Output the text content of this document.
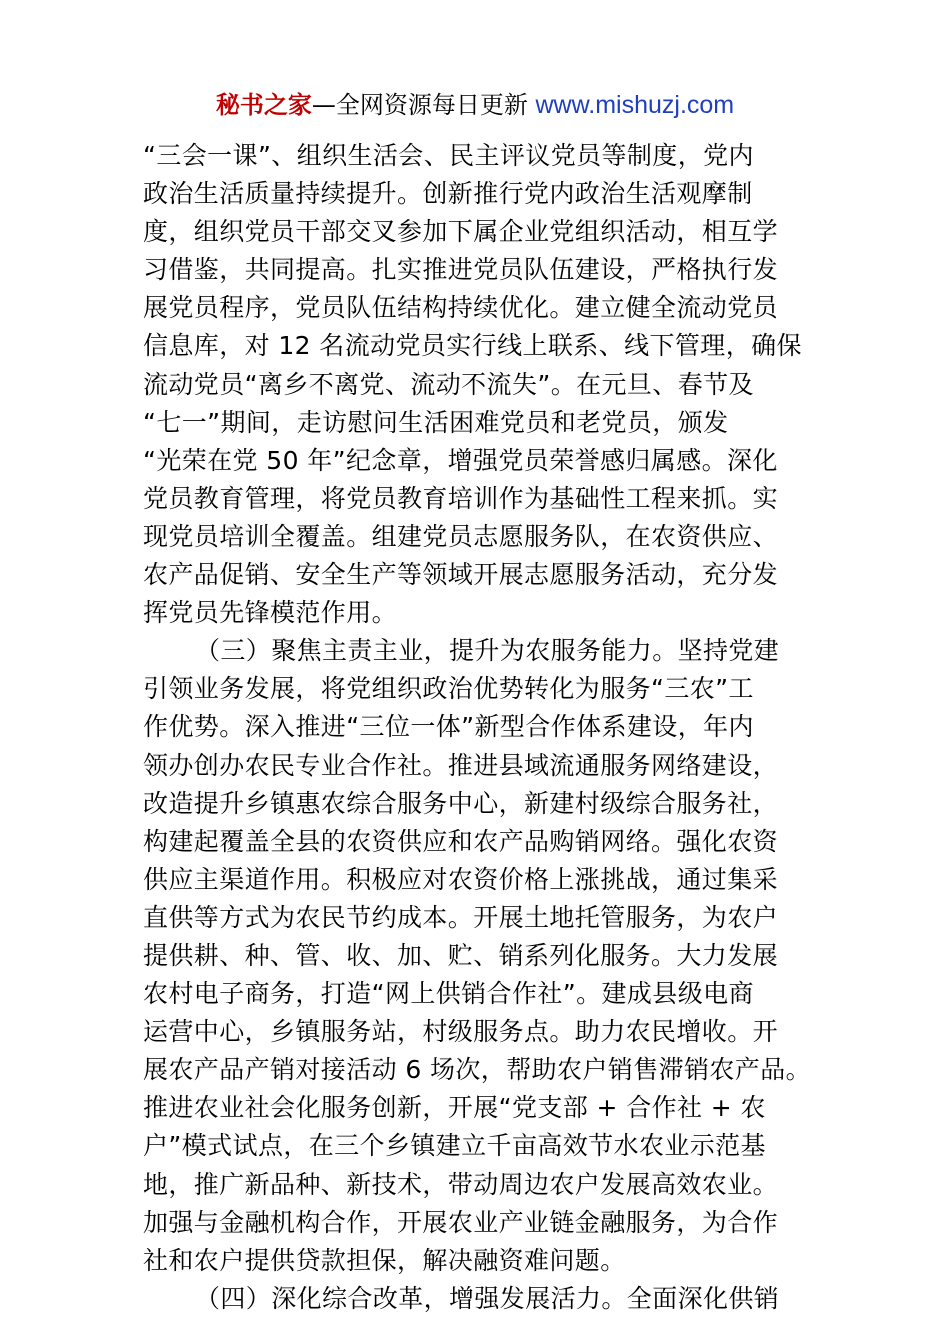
秘书之家—全网资源每日更新 www.mishuzj.com
“三会一课”、组织生活会、民主评议党员等制度，党内
政治生活质量持续提升。创新推行党内政治生活观摩制
度，组织党员干部交叉参加下属企业党组织活动，相互学
习借鉴，共同提高。扎实推进党员队伍建设，严格执行发
展党员程序，党员队伍结构持续优化。建立健全流动党员
信息库，对 12 名流动党员实行线上联系、线下管理，确保
流动党员“离乡不离党、流动不流失”。在元旦、春节及
“七一”期间，走访慰问生活困难党员和老党员，颁发
“光荣在党 50 年”纪念章，增强党员荣誉感归属感。深化
党员教育管理，将党员教育培训作为基础性工程来抓。实
现党员培训全覆盖。组建党员志愿服务队，在农资供应、
农产品促销、安全生产等领域开展志愿服务活动，充分发
挥党员先锋模范作用。
（三）聚焦主责主业，提升为农服务能力。坚持党建
引领业务发展，将党组织政治优势转化为服务“三农”工
作优势。深入推进“三位一体”新型合作体系建设，年内
领办创办农民专业合作社。推进县域流通服务网络建设，
改造提升乡镇惠农综合服务中心，新建村级综合服务社，
构建起覆盖全县的农资供应和农产品购销网络。强化农资
供应主渠道作用。积极应对农资价格上涨挑战，通过集采
直供等方式为农民节约成本。开展土地托管服务，为农户
提供耕、种、管、收、加、贮、销系列化服务。大力发展
农村电子商务，打造“网上供销合作社”。建成县级电商
运营中心，乡镇服务站，村级服务点。助力农民增收。开
展农产品产销对接活动 6 场次，帮助农户销售滞销农产品。
推进农业社会化服务创新，开展“党支部 + 合作社 + 农
户”模式试点，在三个乡镇建立千亩高效节水农业示范基
地，推广新品种、新技术，带动周边农户发展高效农业。
加强与金融机构合作，开展农业产业链金融服务，为合作
社和农户提供贷款担保，解决融资难问题。
（四）深化综合改革，增强发展活力。全面深化供销
